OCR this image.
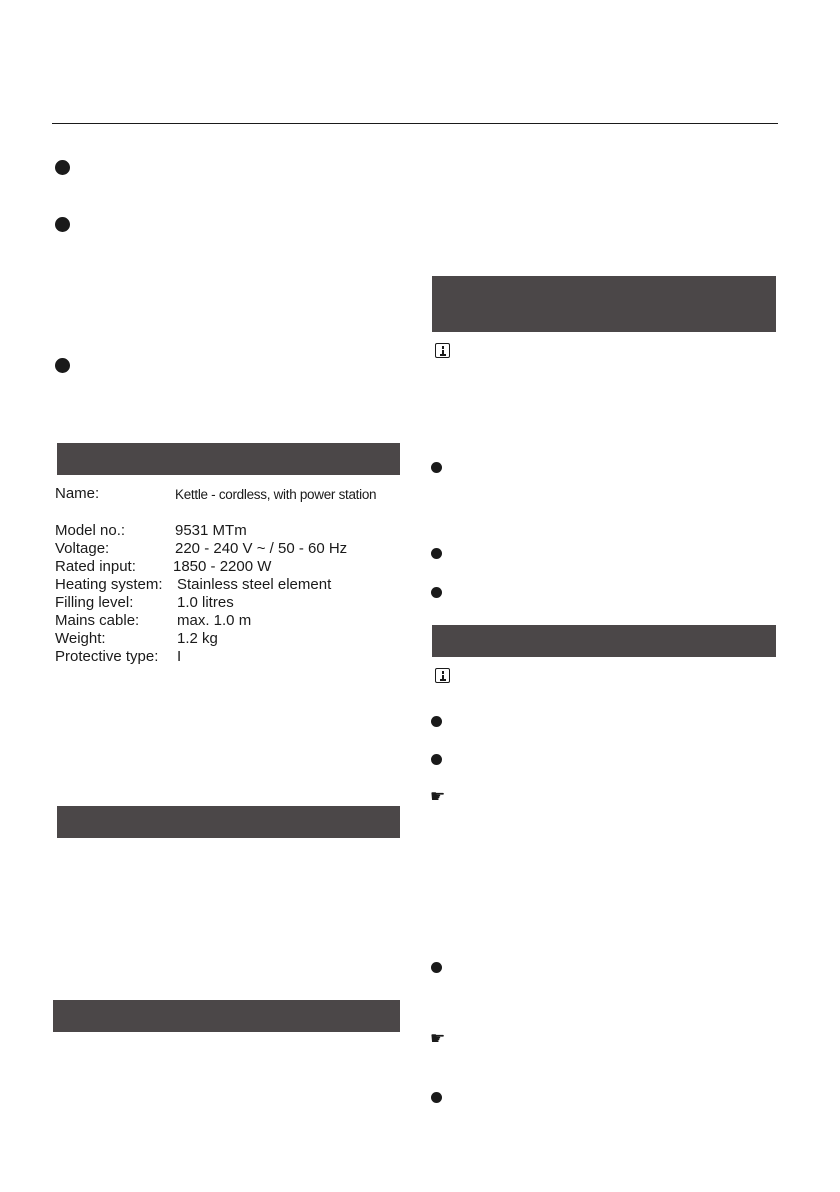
Name:	Kettle - cordless, with power station
Model no.:	9531 MTm
Voltage:	220 - 240 V ~ / 50 - 60 Hz
Rated input: 1850 - 2200 W
Heating system: Stainless steel element
Filling level:	1.0 litres
Mains cable:	max. 1.0 m
Weight:	1.2 kg
Protective type: I
☛
☛
